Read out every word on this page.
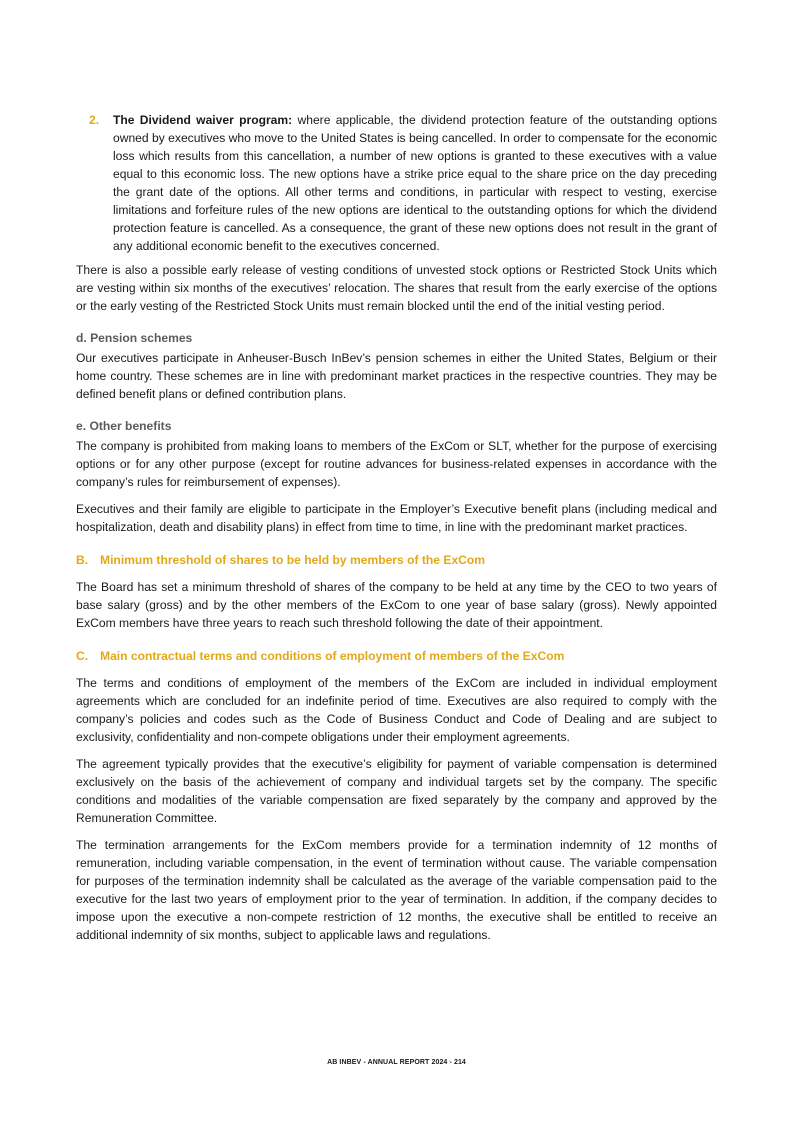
2.	The Dividend waiver program: where applicable, the dividend protection feature of the outstanding options owned by executives who move to the United States is being cancelled. In order to compensate for the economic loss which results from this cancellation, a number of new options is granted to these executives with a value equal to this economic loss. The new options have a strike price equal to the share price on the day preceding the grant date of the options. All other terms and conditions, in particular with respect to vesting, exercise limitations and forfeiture rules of the new options are identical to the outstanding options for which the dividend protection feature is cancelled. As a consequence, the grant of these new options does not result in the grant of any additional economic benefit to the executives concerned.

There is also a possible early release of vesting conditions of unvested stock options or Restricted Stock Units which are vesting within six months of the executives’ relocation. The shares that result from the early exercise of the options or the early vesting of the Restricted Stock Units must remain blocked until the end of the initial vesting period.

d. Pension schemes

Our executives participate in Anheuser-Busch InBev’s pension schemes in either the United States, Belgium or their home country. These schemes are in line with predominant market practices in the respective countries. They may be defined benefit plans or defined contribution plans.

e. Other benefits

The company is prohibited from making loans to members of the ExCom or SLT, whether for the purpose of exercising options or for any other purpose (except for routine advances for business-related expenses in accordance with the company’s rules for reimbursement of expenses).

Executives and their family are eligible to participate in the Employer’s Executive benefit plans (including medical and hospitalization, death and disability plans) in effect from time to time, in line with the predominant market practices.

B. Minimum threshold of shares to be held by members of the ExCom

The Board has set a minimum threshold of shares of the company to be held at any time by the CEO to two years of base salary (gross) and by the other members of the ExCom to one year of base salary (gross). Newly appointed ExCom members have three years to reach such threshold following the date of their appointment.

C. Main contractual terms and conditions of employment of members of the ExCom

The terms and conditions of employment of the members of the ExCom are included in individual employment agreements which are concluded for an indefinite period of time. Executives are also required to comply with the company’s policies and codes such as the Code of Business Conduct and Code of Dealing and are subject to exclusivity, confidentiality and non-compete obligations under their employment agreements.

The agreement typically provides that the executive’s eligibility for payment of variable compensation is determined exclusively on the basis of the achievement of company and individual targets set by the company. The specific conditions and modalities of the variable compensation are fixed separately by the company and approved by the Remuneration Committee.

The termination arrangements for the ExCom members provide for a termination indemnity of 12 months of remuneration, including variable compensation, in the event of termination without cause. The variable compensation for purposes of the termination indemnity shall be calculated as the average of the variable compensation paid to the executive for the last two years of employment prior to the year of termination. In addition, if the company decides to impose upon the executive a non-compete restriction of 12 months, the executive shall be entitled to receive an additional indemnity of six months, subject to applicable laws and regulations.

AB INBEV - ANNUAL REPORT 2024 - 214
